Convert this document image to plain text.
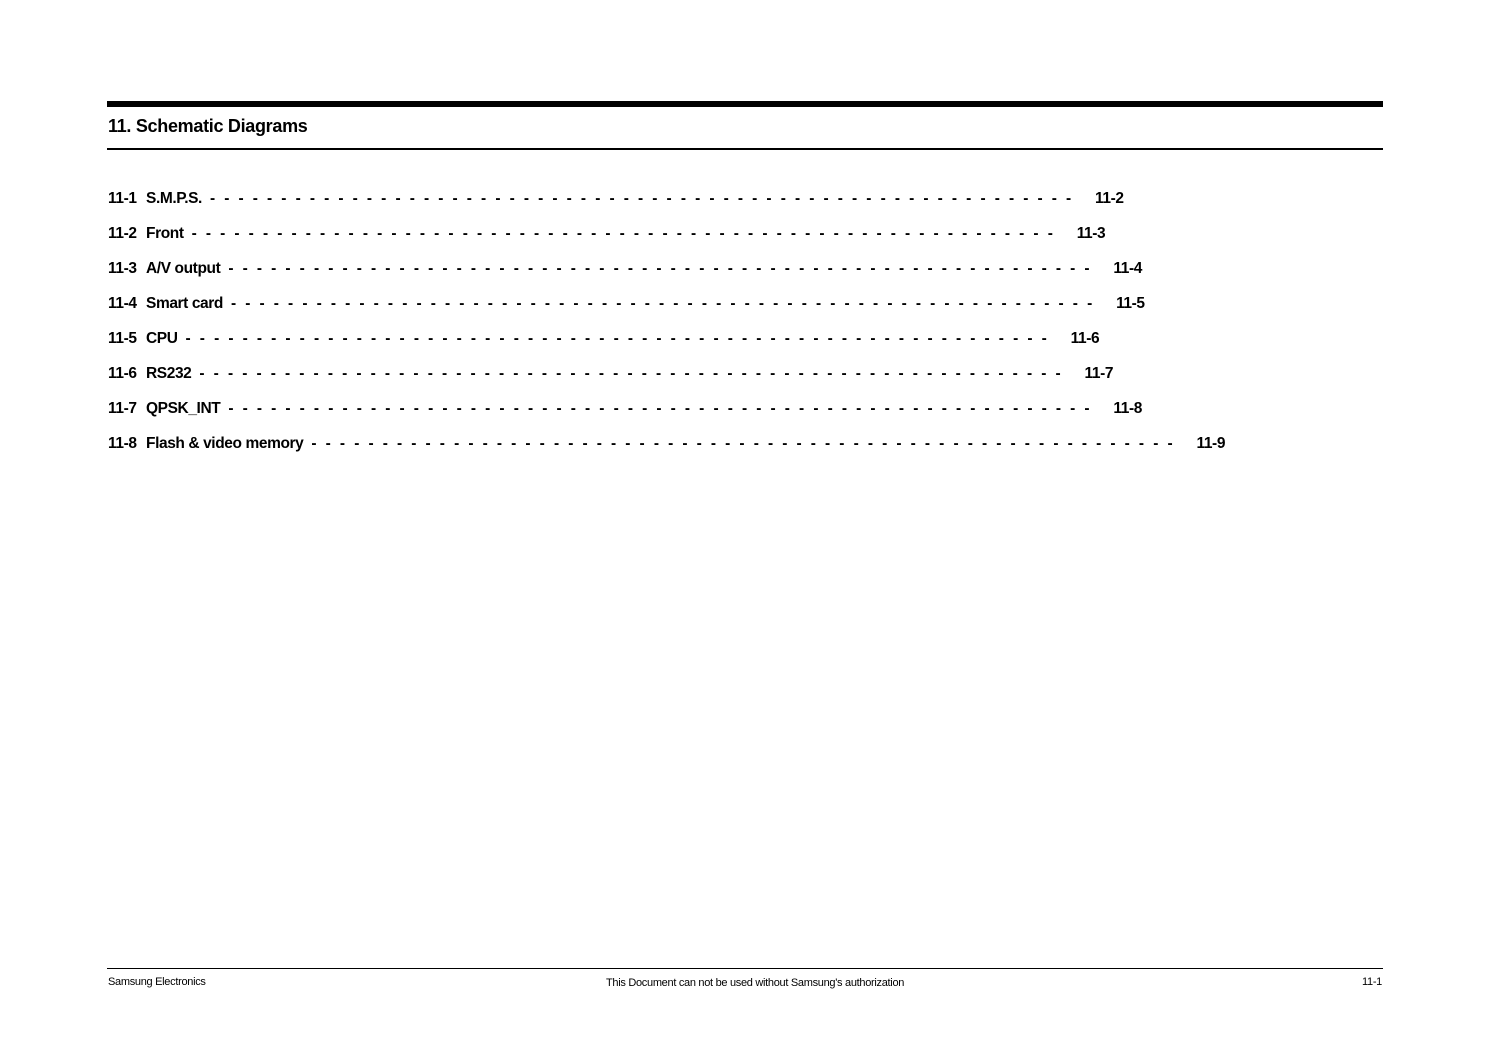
11. Schematic Diagrams
11-1 S.M.P.S. - - - - - - - - - - - - - - - - - - - - - - - - - - - - - - - - - - - - - - - - - - - - - - - - - - - - - - - - - - - - -	11-2
11-2 Front - - - - - - - - - - - - - - - - - - - - - - - - - - - - - - - - - - - - - - - - - - - - - - - - - - - - - - - - - - - - -	11-3
11-3 A/V output - - - - - - - - - - - - - - - - - - - - - - - - - - - - - - - - - - - - - - - - - - - - - - - - - - - - - - - - - - - - -	11-4
11-4 Smart card - - - - - - - - - - - - - - - - - - - - - - - - - - - - - - - - - - - - - - - - - - - - - - - - - - - - - - - - - - - - -	11-5
11-5 CPU - - - - - - - - - - - - - - - - - - - - - - - - - - - - - - - - - - - - - - - - - - - - - - - - - - - - - - - - - - - - -	11-6
11-6 RS232 - - - - - - - - - - - - - - - - - - - - - - - - - - - - - - - - - - - - - - - - - - - - - - - - - - - - - - - - - - - - -	11-7
11-7 QPSK_INT - - - - - - - - - - - - - - - - - - - - - - - - - - - - - - - - - - - - - - - - - - - - - - - - - - - - - - - - - - - - -	11-8
11-8 Flash & video memory - - - - - - - - - - - - - - - - - - - - - - - - - - - - - - - - - - - - - - - - - - - - - - - - - - - - - - - - - - - - -	11-9
Samsung Electronics	This Document can not be used without Samsung's authorization	11-1
